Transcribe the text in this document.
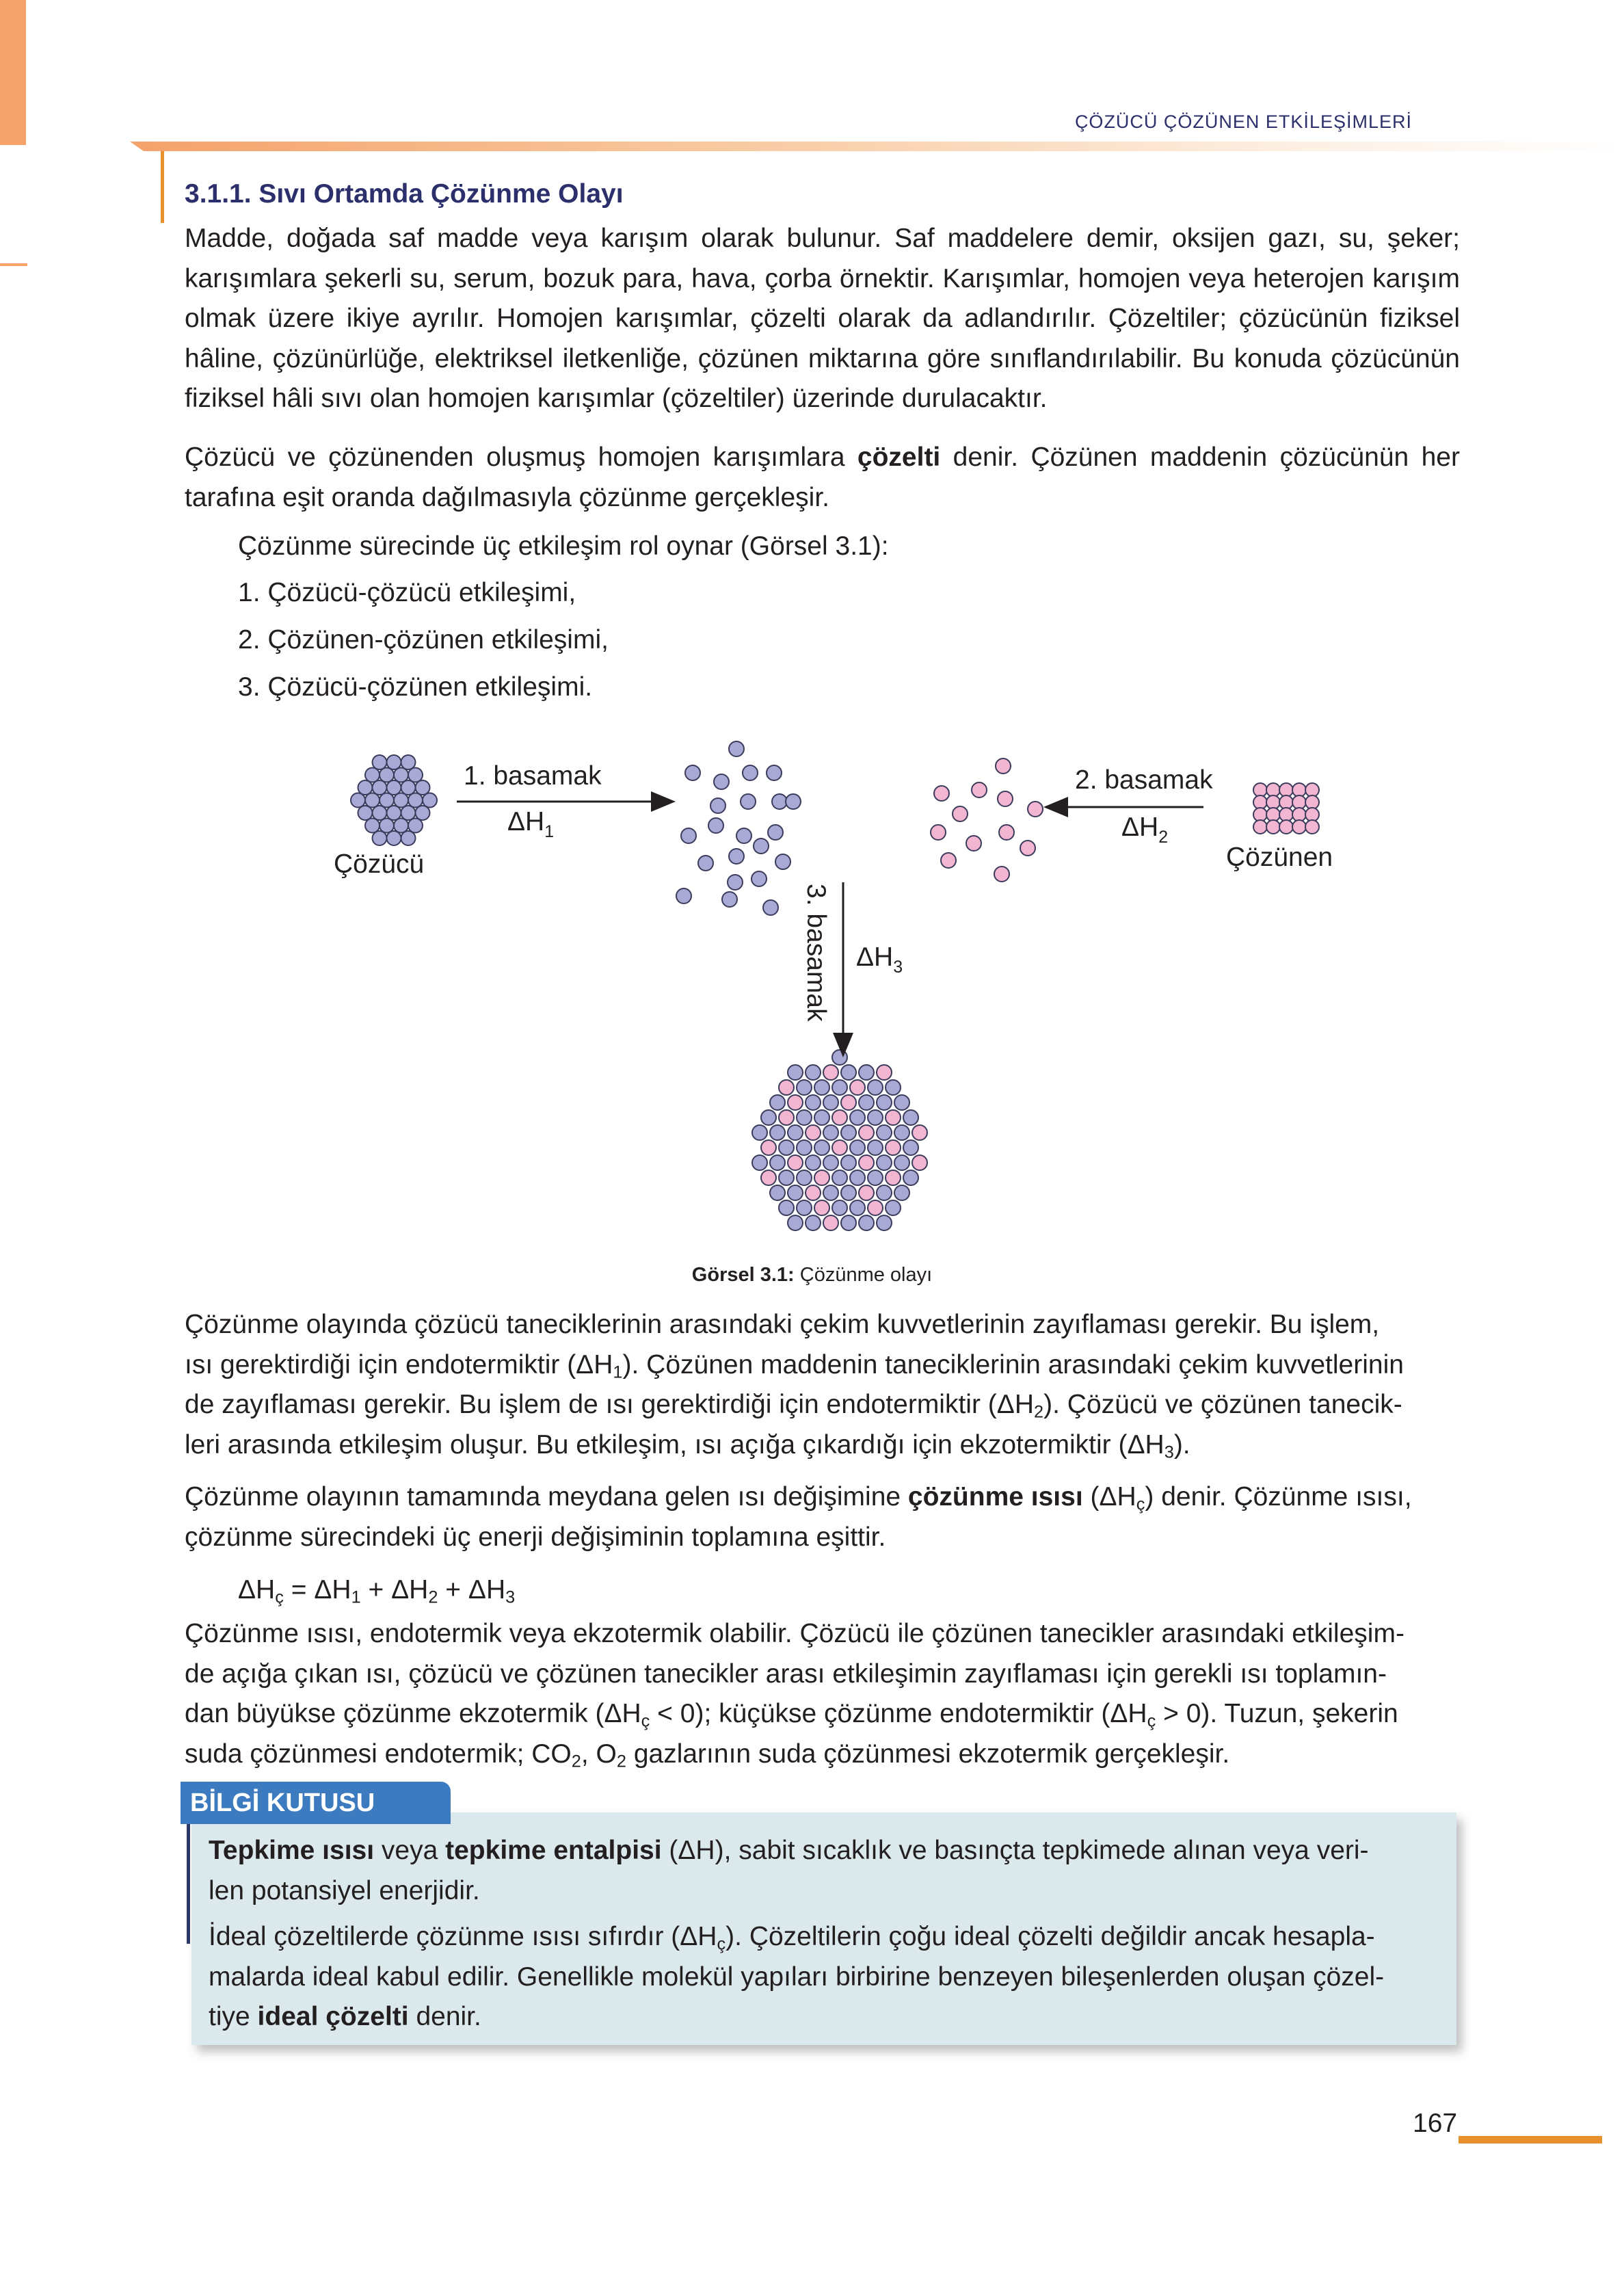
ÇÖZÜCÜ ÇÖZÜNEN ETKİLEŞİMLERİ
3.1.1. Sıvı Ortamda Çözünme Olayı
Madde, doğada saf madde veya karışım olarak bulunur. Saf maddelere demir, oksijen gazı, su, şeker; karışımlara şekerli su, serum, bozuk para, hava, çorba örnektir. Karışımlar, homojen veya heterojen karışım olmak üzere ikiye ayrılır. Homojen karışımlar, çözelti olarak da adlandırılır. Çözeltiler; çözücünün fiziksel hâline, çözünürlüğe, elektriksel iletkenliğe, çözünen miktarına göre sınıflandırılabilir. Bu konuda çözücünün fiziksel hâli sıvı olan homojen karışımlar (çözeltiler) üzerinde durulacaktır.
Çözücü ve çözünenden oluşmuş homojen karışımlara çözelti denir. Çözünen maddenin çözücünün her tarafına eşit oranda dağılmasıyla çözünme gerçekleşir.
Çözünme sürecinde üç etkileşim rol oynar (Görsel 3.1):
1. Çözücü-çözücü etkileşimi,
2. Çözünen-çözünen etkileşimi,
3. Çözücü-çözünen etkileşimi.
1. basamak
$\Delta H_1$
2. basamak
$\Delta H_2$
3. basamak $\Delta H_3$
Çözücü	Çözünen
Görsel 3.1: Çözünme olayı

Çözünme olayında çözücü taneciklerinin arasındaki çekim kuvvetlerinin zayıflaması gerekir. Bu işlem,

ısı gerektirdiği için endotermiktir $(\Delta H_1)$. Çözünen maddenin taneciklerinin arasındaki çekim kuvvetlerinin

de zayıflaması gerekir. Bu işlem de ısı gerektirdiği için endotermiktir $(\Delta H_2)$. Çözücü ve çözünen tanecik-

leri arasında etkileşim oluşur. Bu etkileşim, ısı açığa çıkardığı için ekzotermiktir $(\Delta H_3)$.

Çözünme olayının tamamında meydana gelen ısı değişimine çözünme ısısı $(\Delta H_ç)$ denir. Çözünme ısısı,

çözünme sürecindeki üç enerji değişiminin toplamına eşittir.

$\Delta H_ç = \Delta H_1 + \Delta H_2 + \Delta H_3$

Çözünme ısısı, endotermik veya ekzotermik olabilir. Çözücü ile çözünen tanecikler arasındaki etkileşim-

de açığa çıkan ısı, çözücü ve çözünen tanecikler arası etkileşimin zayıflaması için gerekli ısı toplamın-

dan büyükse çözünme ekzotermik $(\Delta H_ç < 0)$; küçükse çözünme endotermiktir $(\Delta H_ç > 0)$. Tuzun, şekerin

suda çözünmesi endotermik; $CO_2$, $O_2$ gazlarının suda çözünmesi ekzotermik gerçekleşir.

BİLGİ KUTUSU

Tepkime ısısı veya tepkime entalpisi (ΔH), sabit sıcaklık ve basınçta tepkimede alınan veya veri-

len potansiyel enerjidir.

İdeal çözeltilerde çözünme ısısı sıfırdır $(\Delta H_ç)$. Çözeltilerin çoğu ideal çözelti değildir ancak hesapla-

malarda ideal kabul edilir. Genellikle molekül yapıları birbirine benzeyen bileşenlerden oluşan çözel-

tiye ideal çözelti denir.

167
